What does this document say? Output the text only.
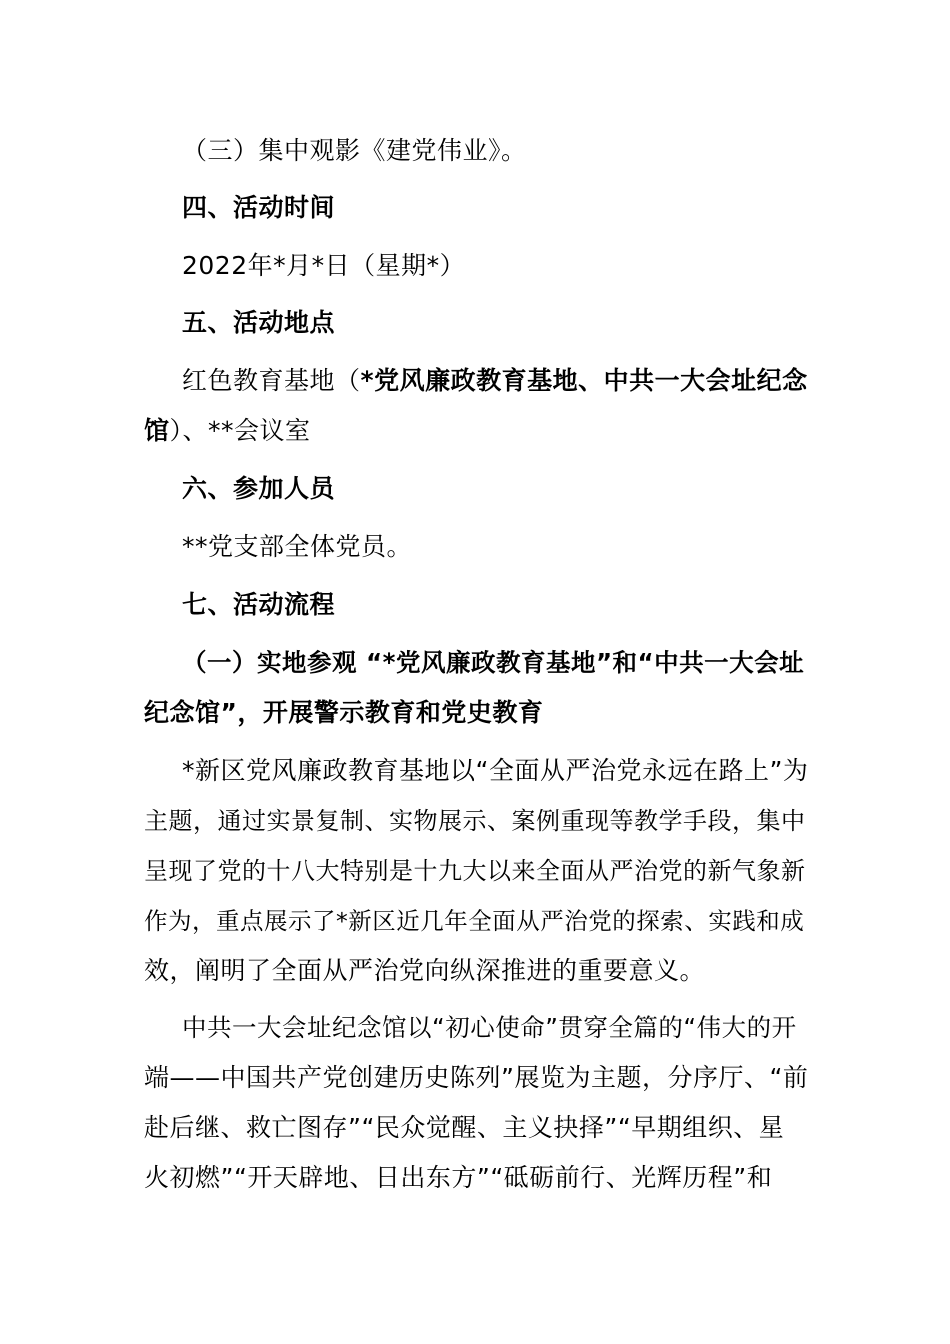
（三）集中观影《建党伟业》。
四、活动时间
2022年*月*日（星期*）
五、活动地点
红色教育基地（*党风廉政教育基地、中共一大会址纪念
馆）、**会议室
六、参加人员
**党支部全体党员。
七、活动流程
（一）实地参观 “*党风廉政教育基地”和“中共一大会址
纪念馆”，开展警示教育和党史教育
*新区党风廉政教育基地以“全面从严治党永远在路上”为
主题，通过实景复制、实物展示、案例重现等教学手段，集中
呈现了党的十八大特别是十九大以来全面从严治党的新气象新
作为，重点展示了*新区近几年全面从严治党的探索、实践和成
效，阐明了全面从严治党向纵深推进的重要意义。
中共一大会址纪念馆以“初心使命”贯穿全篇的“伟大的开
端——中国共产党创建历史陈列”展览为主题，分序厅、“前
赴后继、救亡图存”“民众觉醒、主义抉择”“早期组织、星
火初燃”“开天辟地、日出东方”“砥砺前行、光辉历程”和
